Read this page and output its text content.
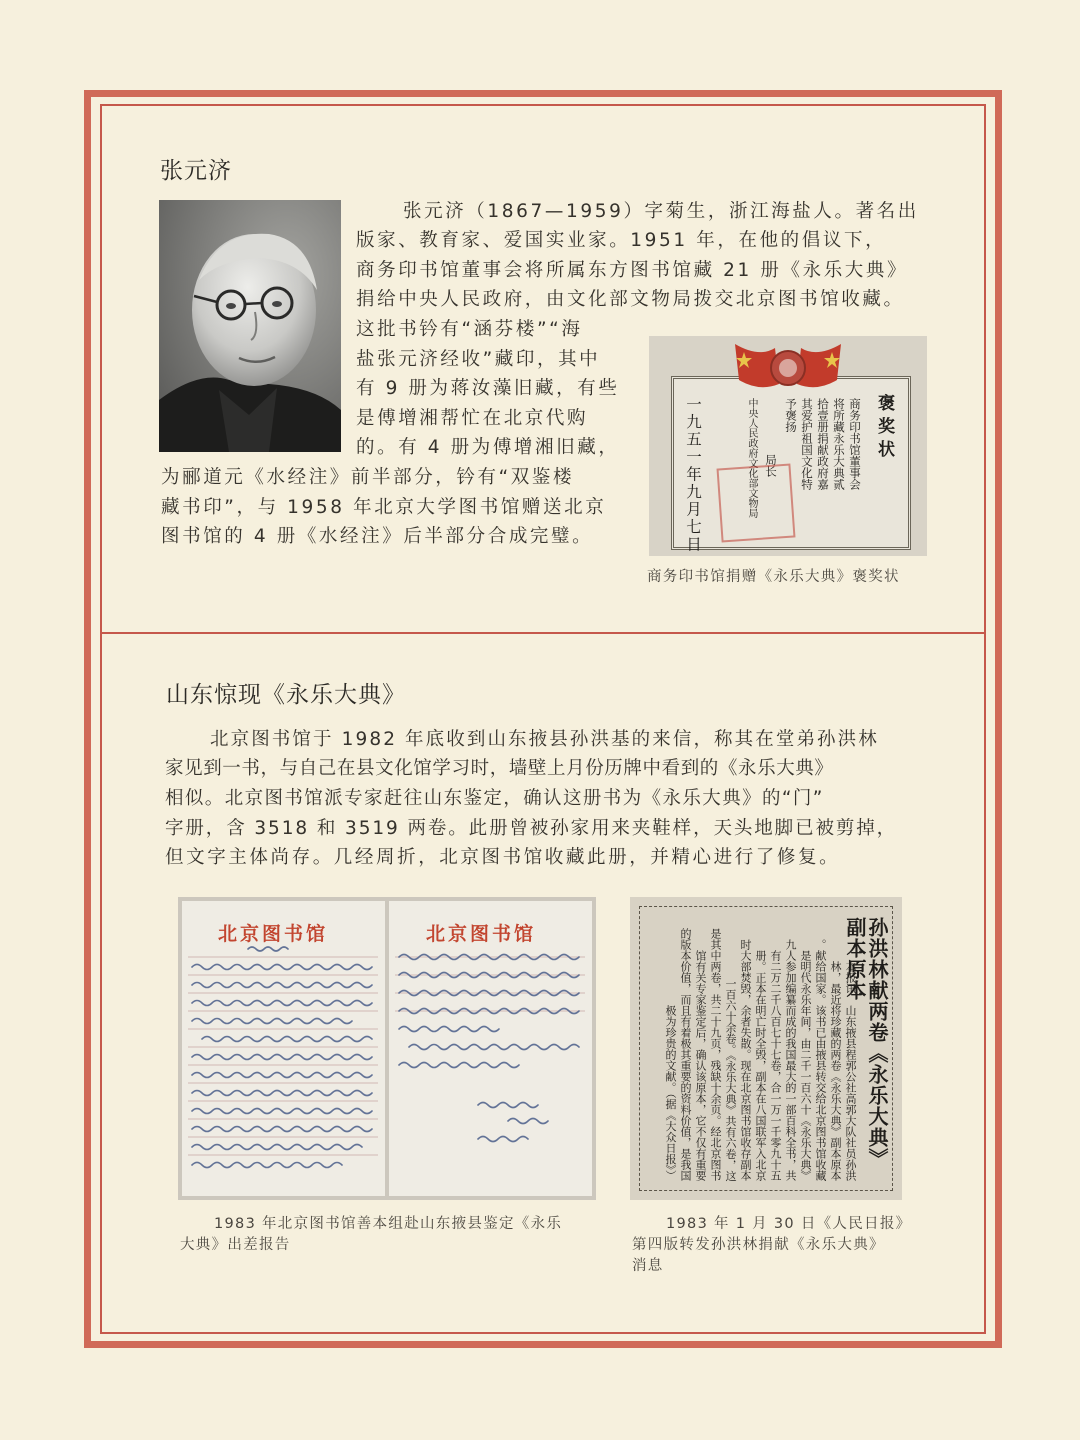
张元济

张元济（1867—1959）字菊生，浙江海盐人。著名出

版家、教育家、爱国实业家。1951 年，在他的倡议下，

商务印书馆董事会将所属东方图书馆藏 21 册《永乐大典》

捐给中央人民政府，由文化部文物局拨交北京图书馆收藏。

这批书钤有“涵芬楼”“海

盐张元济经收”藏印，其中

有 9 册为蒋汝藻旧藏，有些

是傅增湘帮忙在北京代购

的。有 4 册为傅增湘旧藏，

为郦道元《水经注》前半部分，钤有“双鉴楼

藏书印”，与 1958 年北京大学图书馆赠送北京

图书馆的 4 册《水经注》后半部分合成完璧。

褒奖状
商务印书馆董事会
将所藏永乐大典贰
拾壹册捐献政府嘉
其爱护祖国文化特
予褒扬
局长
中央人民政府文化部文物局
一九五一年九月七日

商务印书馆捐赠《永乐大典》褒奖状

山东惊现《永乐大典》

北京图书馆于 1982 年底收到山东掖县孙洪基的来信，称其在堂弟孙洪林

家见到一书，与自己在县文化馆学习时，墙壁上月份历牌中看到的《永乐大典》

相似。北京图书馆派专家赶往山东鉴定，确认这册书为《永乐大典》的“门”

字册，含 3518 和 3519 两卷。此册曾被孙家用来夹鞋样，天头地脚已被剪掉，

但文字主体尚存。几经周折，北京图书馆收藏此册，并精心进行了修复。

北京图书馆	北京图书馆

1983 年北京图书馆善本组赴山东掖县鉴定《永乐

大典》出差报告

孙洪林献两卷《永乐大典》副本原本
本报讯　山东掖县程郭公社高郭大队社员孙洪林，最近将珍藏的两卷《永乐大典》副本原本献给国家。该书已由掖县转交给北京图书馆收藏。《永乐大典》是明代永乐年间，由二千一百六十九人参加编纂而成的我国最大的一部百科全书，共有二万二千八百七十七卷，合一万一千零九十五册。正本在明亡时全毁，副本在八国联军入北京时大部焚毁，余者失散。现在北京图书馆收存副本一百六十余卷。《永乐大典》共有六卷，这是其中两卷，共二十九页，残缺十余页。经北京图书馆有关专家鉴定后，确认该原本，它不仅有重要的版本价值，而且有着极其重要的资料价值，是我国极为珍贵的文献。（据《大众日报》）

1983 年 1 月 30 日《人民日报》

第四版转发孙洪林捐献《永乐大典》

消息
